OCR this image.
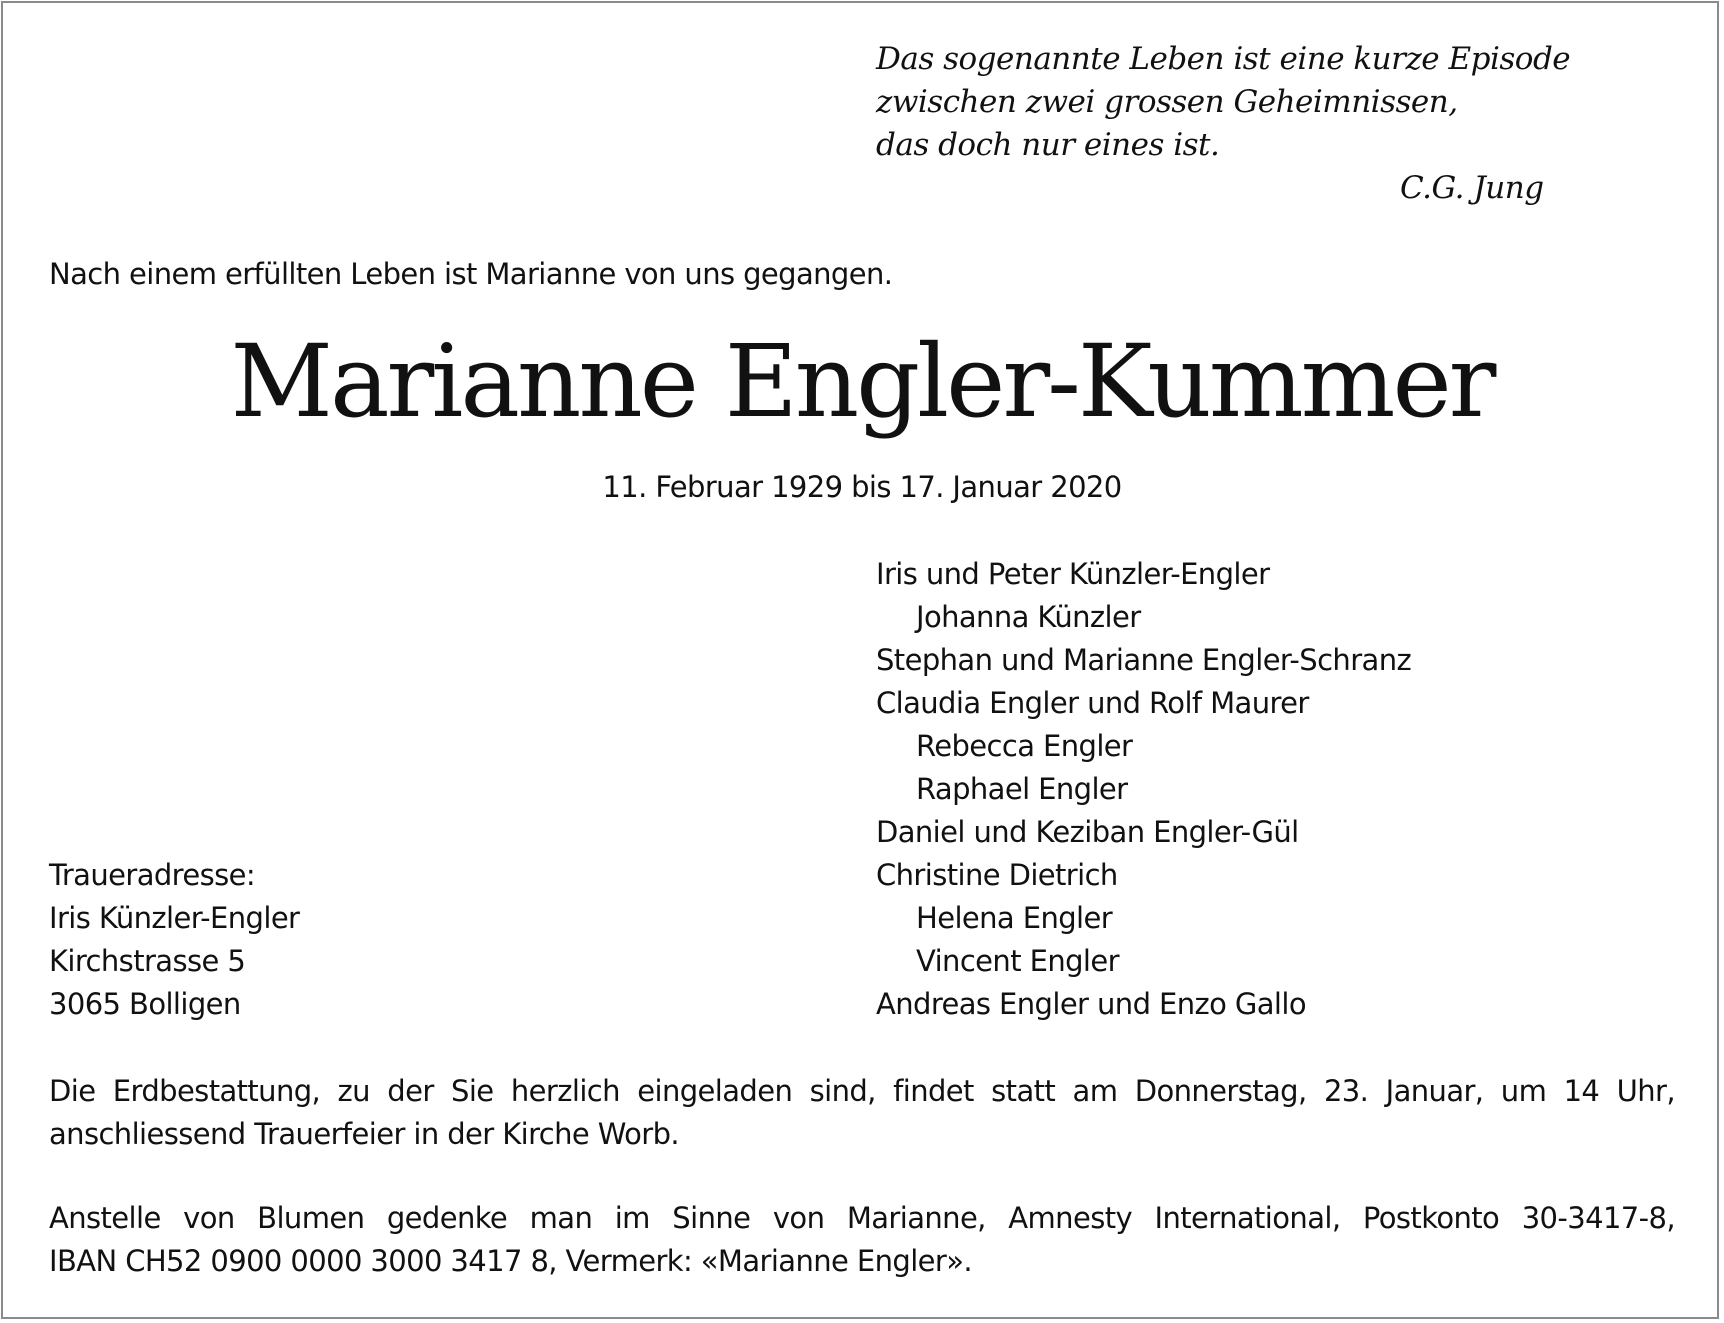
Das sogenannte Leben ist eine kurze Episode
zwischen zwei grossen Geheimnissen,
das doch nur eines ist.
C.G. Jung
Nach einem erfüllten Leben ist Marianne von uns gegangen.
Marianne Engler-Kummer
11. Februar 1929 bis 17. Januar 2020
Iris und Peter Künzler-Engler
Johanna Künzler
Stephan und Marianne Engler-Schranz
Claudia Engler und Rolf Maurer
Rebecca Engler
Raphael Engler
Daniel und Keziban Engler-Gül
Christine Dietrich
Helena Engler
Vincent Engler
Andreas Engler und Enzo Gallo
Traueradresse:
Iris Künzler-Engler
Kirchstrasse 5
3065 Bolligen

Die Erdbestattung, zu der Sie herzlich eingeladen sind, findet statt am Donnerstag, 23. Januar, um 14 Uhr,
anschliessend Trauerfeier in der Kirche Worb.

Anstelle von Blumen gedenke man im Sinne von Marianne, Amnesty International, Postkonto 30-3417-8,
IBAN CH52 0900 0000 3000 3417 8, Vermerk: «Marianne Engler».
